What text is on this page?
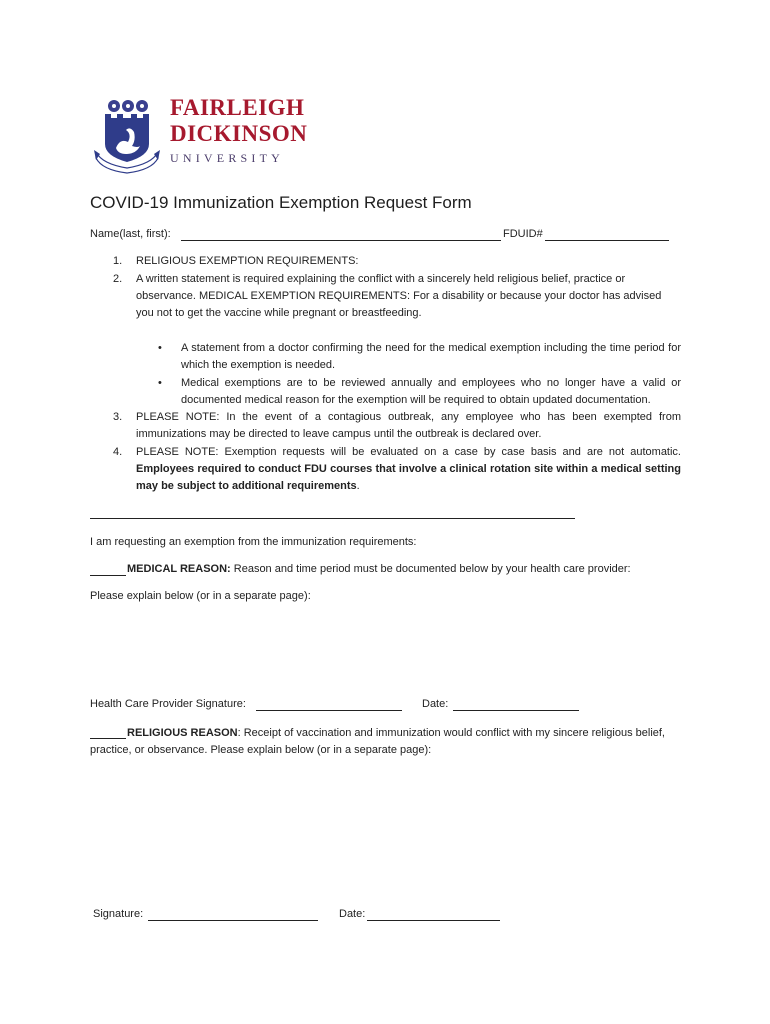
FAIRLEIGH
DICKINSON
UNIVERSITY
COVID-19 Immunization Exemption Request Form
Name(last, first):	FDUID#
1. RELIGIOUS EXEMPTION REQUIREMENTS:
2. A written statement is required explaining the conflict with a sincerely held religious belief, practice or observance. MEDICAL EXEMPTION REQUIREMENTS: For a disability or because your doctor has advised you not to get the vaccine while pregnant or breastfeeding.
• A statement from a doctor confirming the need for the medical exemption including the time period for which the exemption is needed.
• Medical exemptions are to be reviewed annually and employees who no longer have a valid or documented medical reason for the exemption will be required to obtain updated documentation.
3. PLEASE NOTE: In the event of a contagious outbreak, any employee who has been exempted from immunizations may be directed to leave campus until the outbreak is declared over.
4. PLEASE NOTE: Exemption requests will be evaluated on a case by case basis and are not automatic. Employees required to conduct FDU courses that involve a clinical rotation site within a medical setting may be subject to additional requirements.
I am requesting an exemption from the immunization requirements:
MEDICAL REASON: Reason and time period must be documented below by your health care provider:
Please explain below (or in a separate page):
Health Care Provider Signature:	Date:
RELIGIOUS REASON: Receipt of vaccination and immunization would conflict with my sincere religious belief, practice, or observance. Please explain below (or in a separate page):
Signature:	Date:
